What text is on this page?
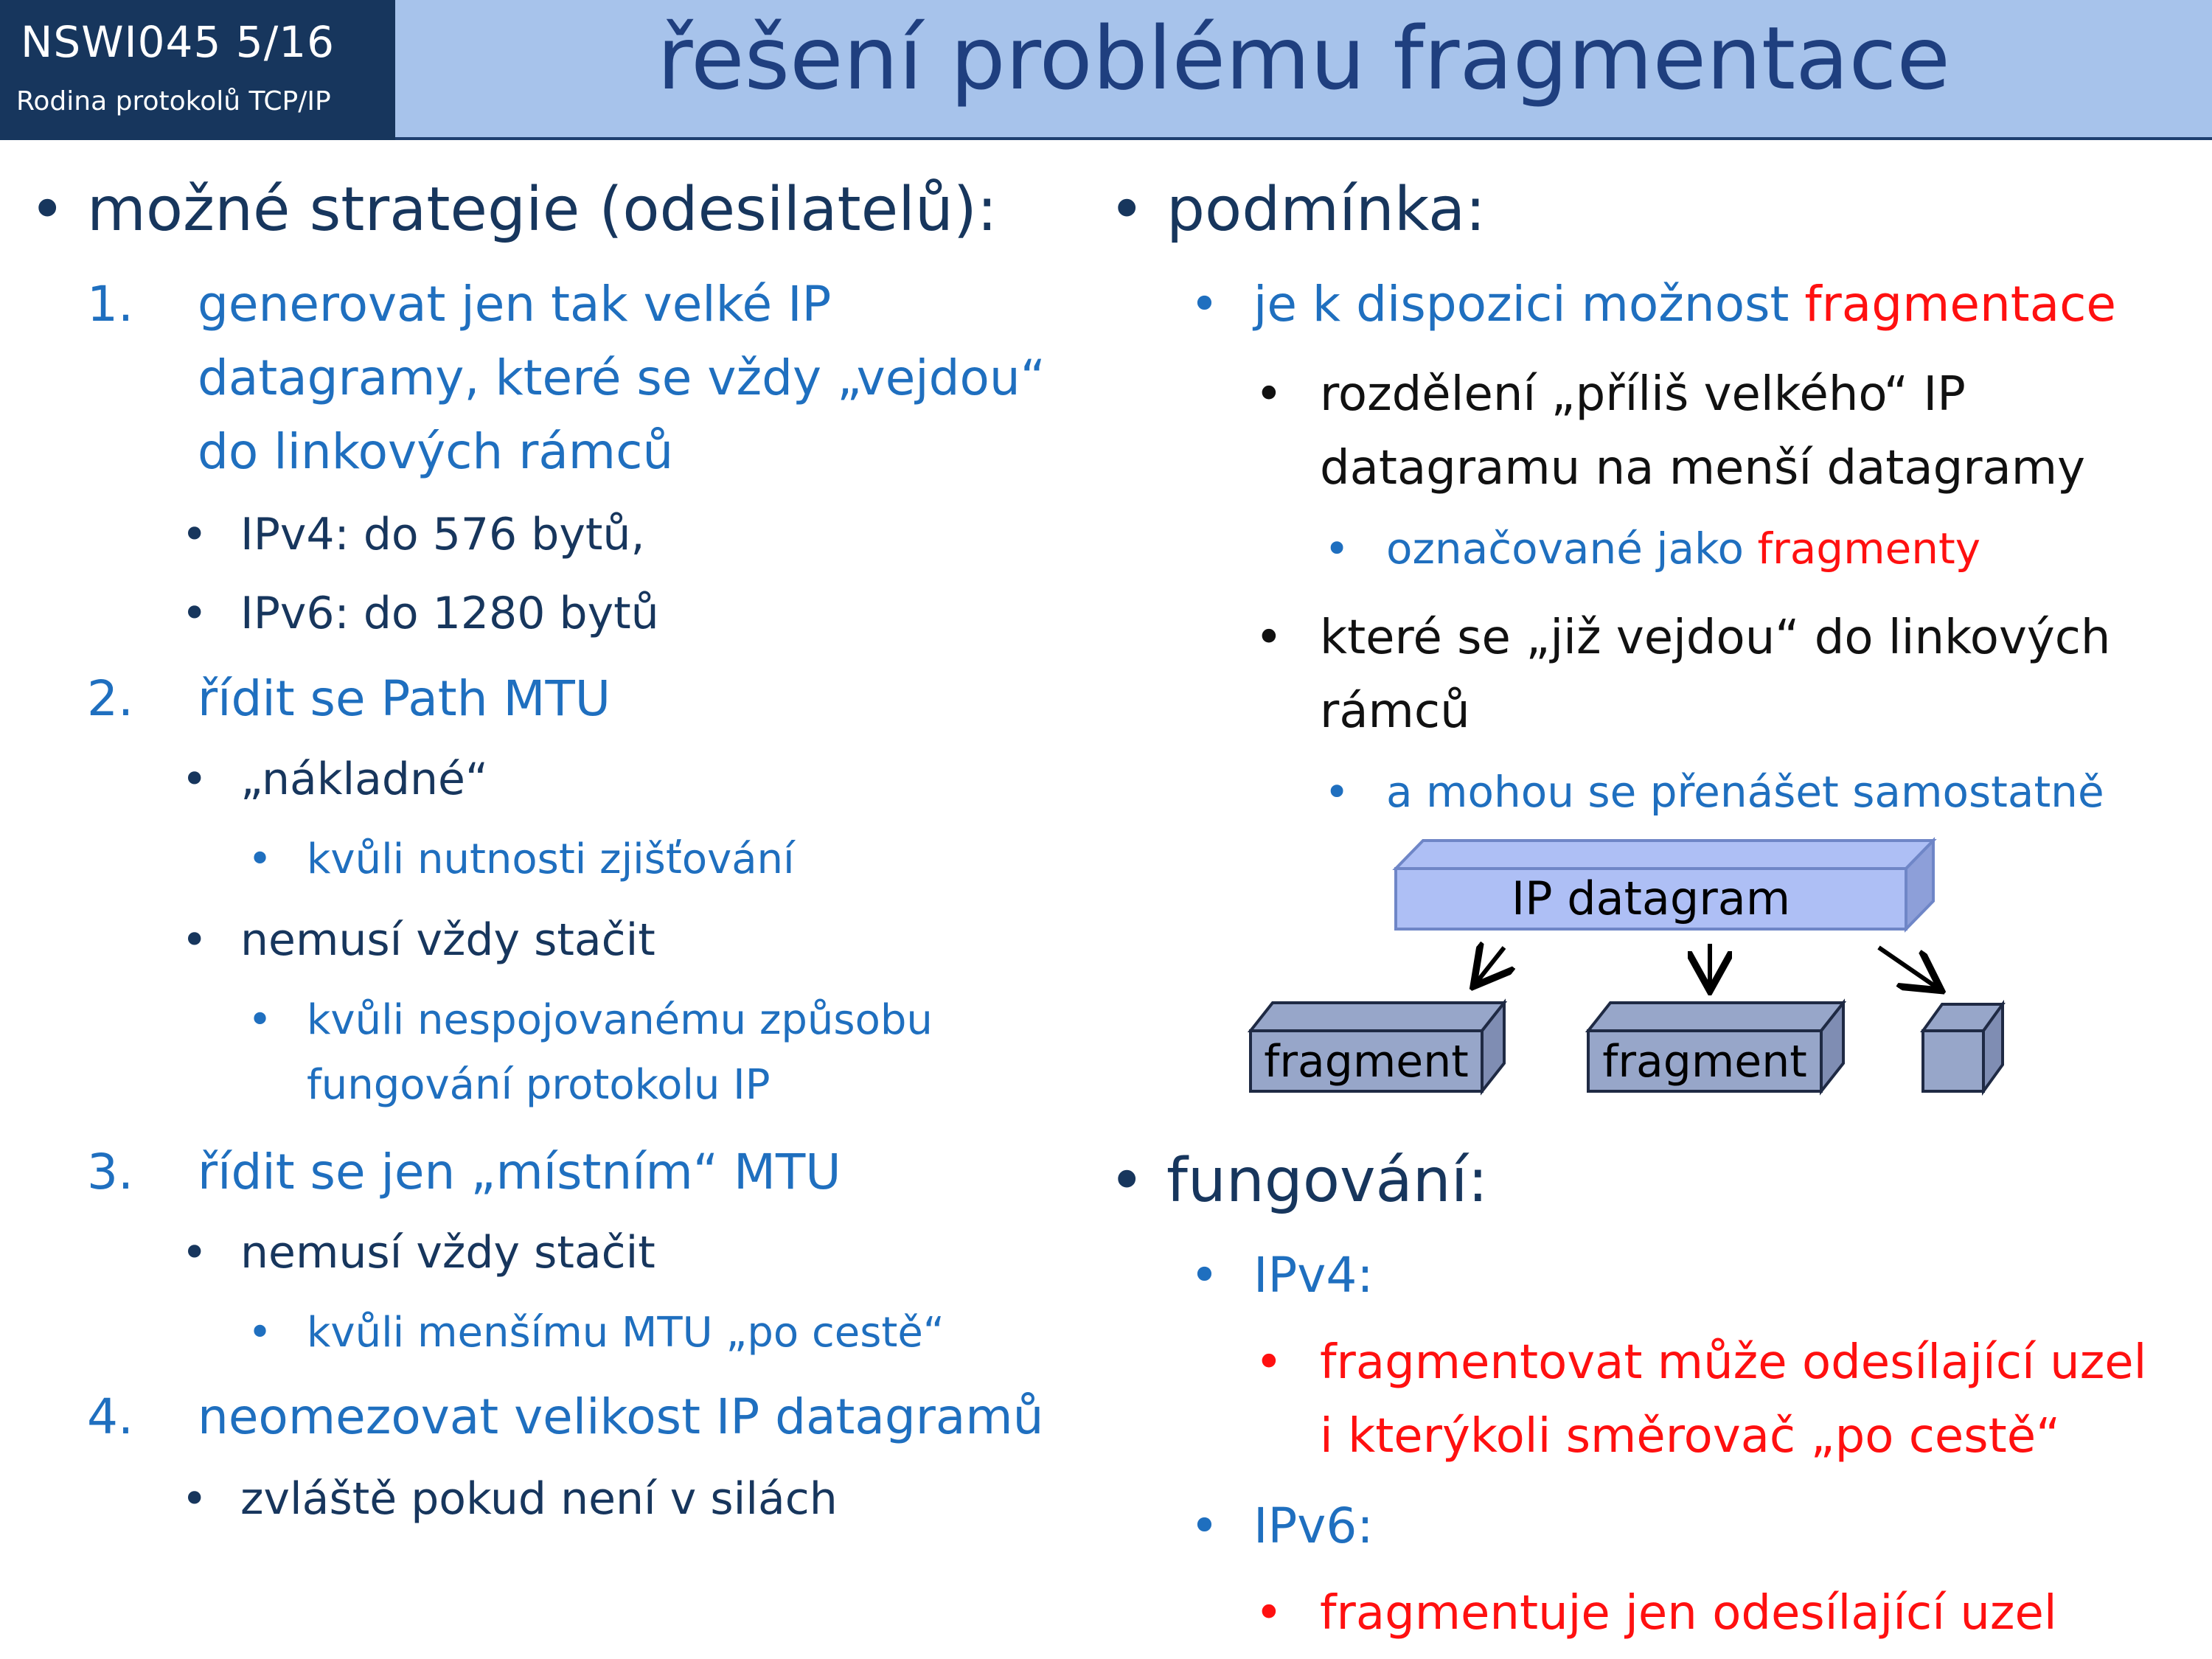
NSWI045 5/16
Rodina protokolů TCP/IP	řešení problému fragmentace
• možné strategie (odesilatelů):
1. generovat jen tak velké IP
datagramy, které se vždy „vejdou“
do linkových rámců
• IPv4: do 576 bytů,
• IPv6: do 1280 bytů
2. řídit se Path MTU
• „nákladné“
• kvůli nutnosti zjišťování
• nemusí vždy stačit
• kvůli nespojovanému způsobu
fungování protokolu IP
3. řídit se jen „místním“ MTU
• nemusí vždy stačit
• kvůli menšímu MTU „po cestě“
4. neomezovat velikost IP datagramů
• zvláště pokud není v silách
• podmínka:
• je k dispozici možnost fragmentace
• rozdělení „příliš velkého“ IP
datagramu na menší datagramy
• označované jako fragmenty
• které se „již vejdou“ do linkových
rámců
• a mohou se přenášet samostatně
IP datagram
fragment	fragment
• fungování:
• IPv4:
• fragmentovat může odesílající uzel
i kterýkoli směrovač „po cestě“
• IPv6:
• fragmentuje jen odesílající uzel
